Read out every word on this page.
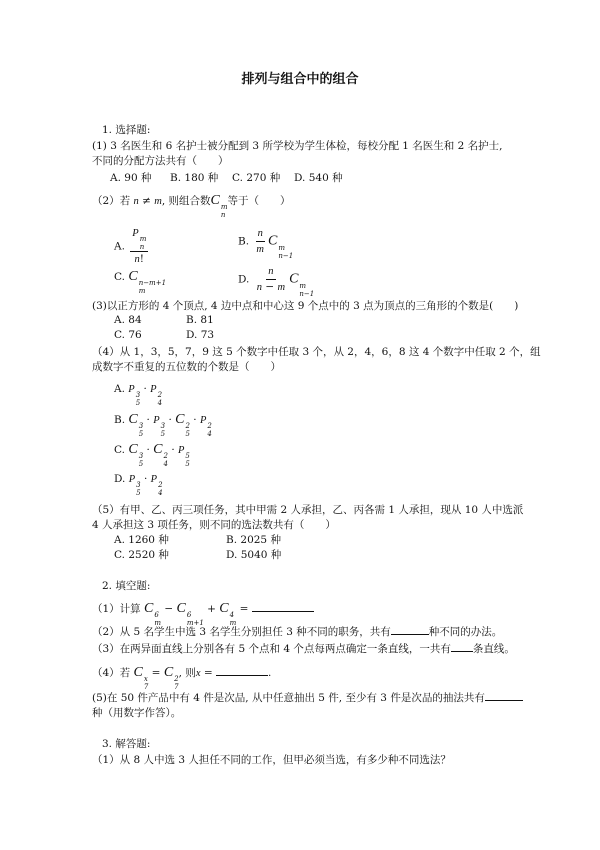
排列与组合中的组合
1. 选择题:
(1) 3 名医生和 6 名护士被分配到 3 所学校为学生体检，每校分配 1 名医生和 2 名护士,
不同的分配方法共有（　　）
A. 90 种 B. 180 种 C. 270 种 D. 540 种
（2）若 n ≠ m, 则组合数C m
n
等于（　　）
A. P m
n
n!	B. $\frac{n}{m}$ C m
n−1
C. C n−m+1
m
D. $\frac{n}{n - m}$ C m
n−1
(3)以正方形的 4 个顶点, 4 边中点和中心这 9 个点中的 3 点为顶点的三角形的个数是(　　)
A. 84	B. 81
C. 76	D. 73
（4）从 1，3，5，7，9 这 5 个数字中任取 3 个，从 2，4，6，8 这 4 个数字中任取 2 个，组
成数字不重复的五位数的个数是（　　）
A. P 3
5
· P 2
4
B. C 3
5
· P 3
5
· C 2
5
· P 2
4
C. C 3
5
· C 2
4
· P 5
5
D. P 3
5
· P 2
4
（5）有甲、乙、丙三项任务，其中甲需 2 人承担，乙、丙各需 1 人承担，现从 10 人中选派
4 人承担这 3 项任务，则不同的选法数共有（　　）
A. 1260 种	B. 2025 种
C. 2520 种	D. 5040 种
2. 填空题:
（1）计算 C 6
m
− C 6
m+1
+ C 4
m
=
（2）从 5 名学生中选 3 名学生分别担任 3 种不同的职务，共有	种不同的办法。
（3）在两异面直线上分别各有 5 个点和 4 个点每两点确定一条直线，一共有 条直线。
（4）若 C x
7
= C 2
7
, 则x =	.
(5)在 50 件产品中有 4 件是次品, 从中任意抽出 5 件, 至少有 3 件是次品的抽法共有
种（用数字作答）。
3. 解答题:
（1）从 8 人中选 3 人担任不同的工作，但甲必须当选，有多少种不同选法？
